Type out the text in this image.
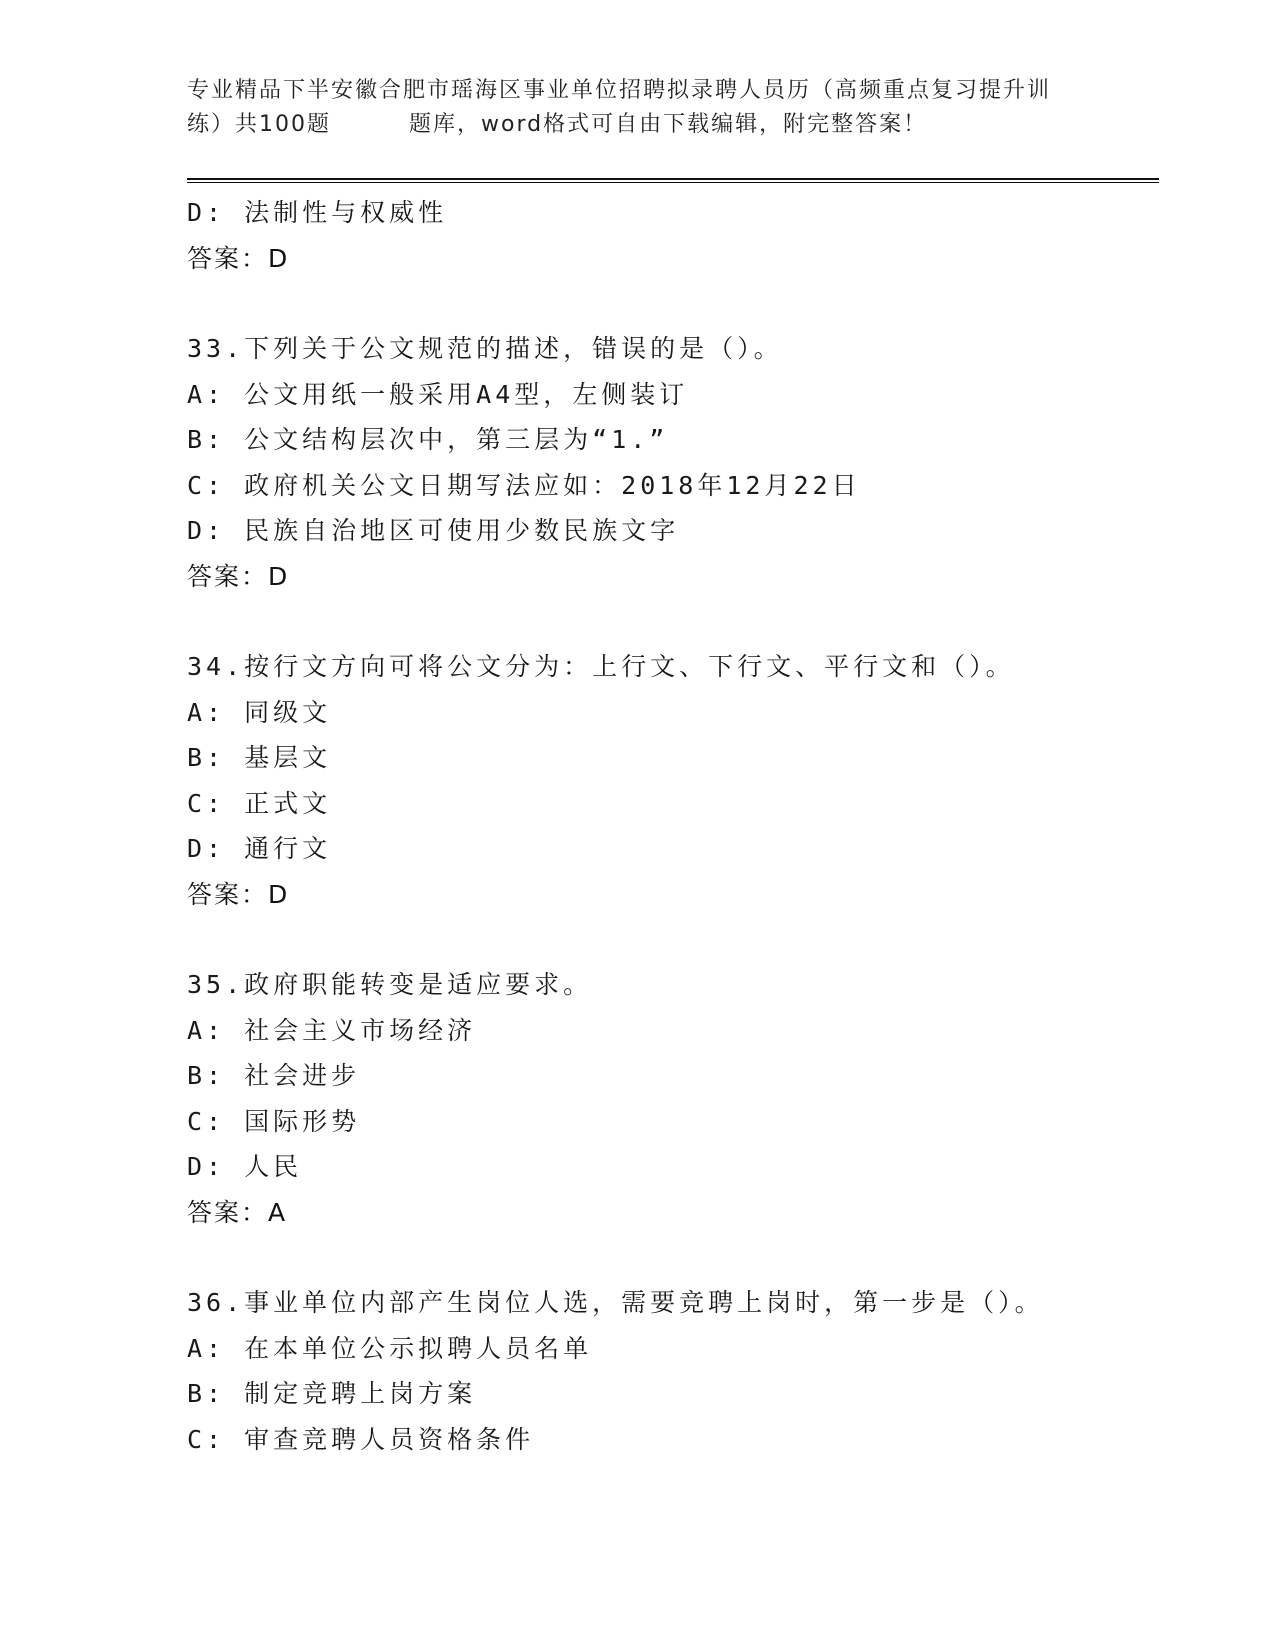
专业精品下半安徽合肥市瑶海区事业单位招聘拟录聘人员历（高频重点复习提升训
练）共100题	题库，word格式可自由下载编辑，附完整答案！
D: 法制性与权威性
答案：D
33.下列关于公文规范的描述，错误的是（）。
A: 公文用纸一般采用A4型，左侧装订
B: 公文结构层次中，第三层为“1.”
C: 政府机关公文日期写法应如：2018年12月22日
D: 民族自治地区可使用少数民族文字
答案：D
34.按行文方向可将公文分为：上行文、下行文、平行文和（）。
A: 同级文
B: 基层文
C: 正式文
D: 通行文
答案：D
35.政府职能转变是适应要求。
A: 社会主义市场经济
B: 社会进步
C: 国际形势
D: 人民
答案：A
36.事业单位内部产生岗位人选，需要竞聘上岗时，第一步是（）。
A: 在本单位公示拟聘人员名单
B: 制定竞聘上岗方案
C: 审查竞聘人员资格条件
